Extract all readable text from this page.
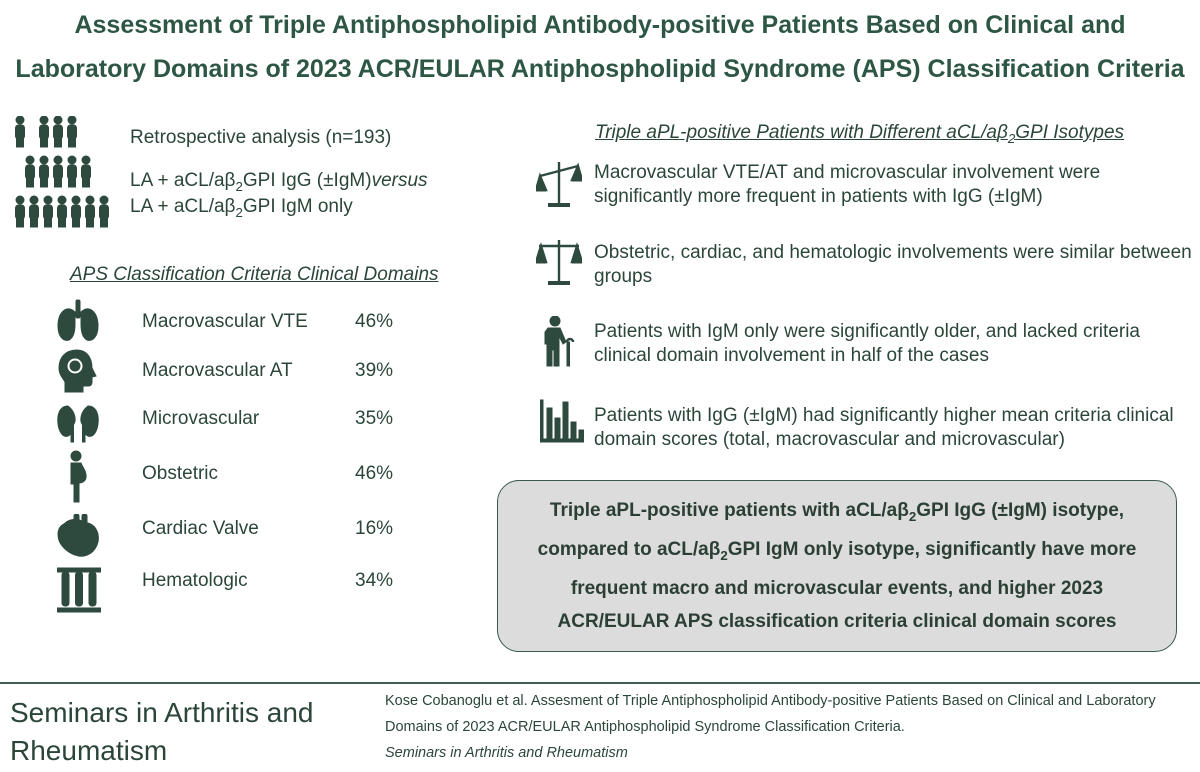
Assessment of Triple Antiphospholipid Antibody-positive Patients Based on Clinical and
Laboratory Domains of 2023 ACR/EULAR Antiphospholipid Syndrome (APS) Classification Criteria
Retrospective analysis (n=193)
LA + aCL/$a\beta_2GPI$ IgG (±IgM)versus
LA + aCL/$a\beta_2GPI$ IgM only
APS Classification Criteria Clinical Domains
Macrovascular VTE 46%
Macrovascular AT	39%
Microvascular	35%
Obstetric	46%
Cardiac Valve	16%
Hematologic	34%
Triple aPL-positive Patients with Different aCL/$a\beta_2GPI$ Isotypes
Macrovascular VTE/AT and microvascular involvement were significantly more frequent in patients with IgG (±IgM)
Obstetric, cardiac, and hematologic involvements were similar between groups
Patients with IgM only were significantly older, and lacked criteria clinical domain involvement in half of the cases
Patients with IgG (±IgM) had significantly higher mean criteria clinical domain scores (total, macrovascular and microvascular)
Triple aPL-positive patients with aCL/$a\beta_2GPI$ IgG (±IgM) isotype, compared to aCL/$a\beta_2GPI$ IgM only isotype, significantly have more frequent macro and microvascular events, and higher 2023 ACR/EULAR APS classification criteria clinical domain scores
Seminars in Arthritis and Rheumatism
Kose Cobanoglu et al. Assesment of Triple Antiphospholipid Antibody-positive Patients Based on Clinical and Laboratory Domains of 2023 ACR/EULAR Antiphospholipid Syndrome Classification Criteria.
Seminars in Arthritis and Rheumatism
